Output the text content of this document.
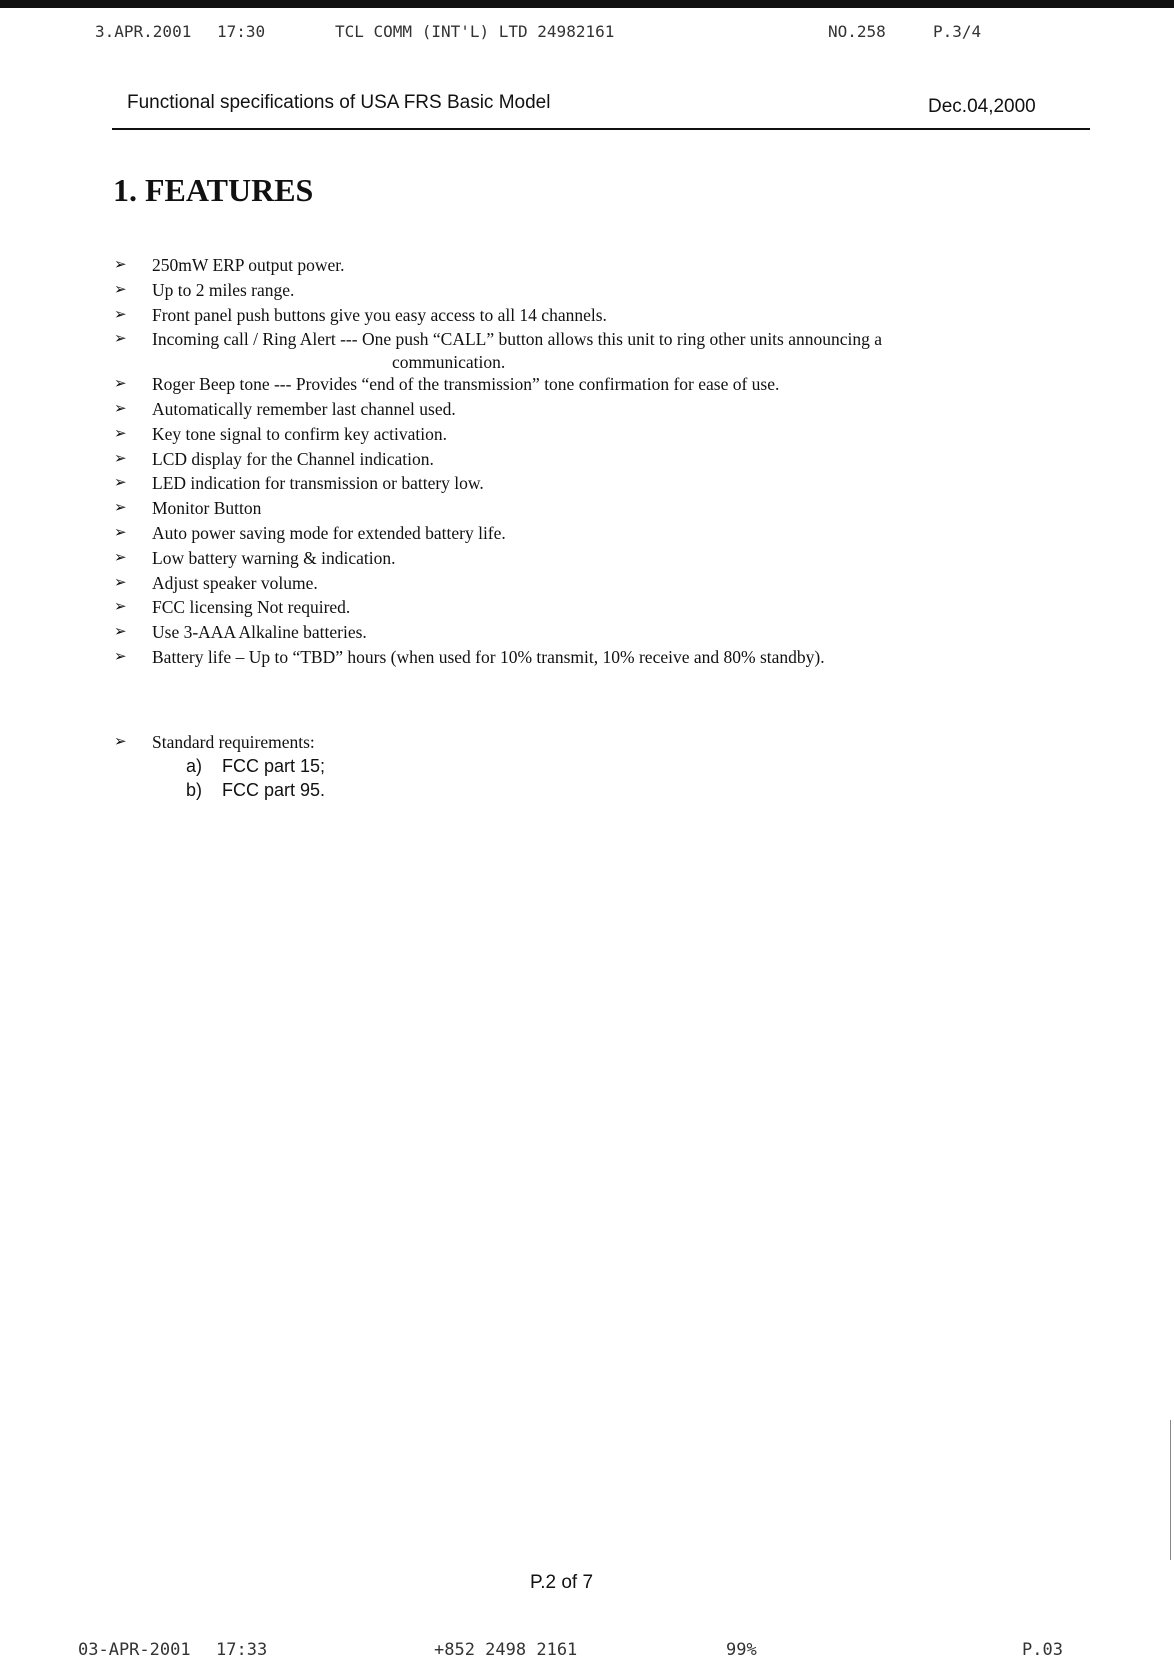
3.APR.2001 17:30	TCL COMM (INT'L) LTD 24982161	NO.258	P.3/4
Functional specifications of USA FRS Basic Model	Dec.04,2000
1. FEATURES
➢ 250mW ERP output power.
➢ Up to 2 miles range.
➢ Front panel push buttons give you easy access to all 14 channels.
➢ Incoming call / Ring Alert --- One push “CALL” button allows this unit to ring other units announcing a
communication.
➢ Roger Beep tone --- Provides “end of the transmission” tone confirmation for ease of use.
➢ Automatically remember last channel used.
➢ Key tone signal to confirm key activation.
➢ LCD display for the Channel indication.
➢ LED indication for transmission or battery low.
➢ Monitor Button
➢ Auto power saving mode for extended battery life.
➢ Low battery warning & indication.
➢ Adjust speaker volume.
➢ FCC licensing Not required.
➢ Use 3-AAA Alkaline batteries.
➢ Battery life – Up to “TBD” hours (when used for 10% transmit, 10% receive and 80% standby).
➢ Standard requirements:
a) FCC part 15;
b) FCC part 95.
P.2 of 7
03-APR-2001 17:33	+852 2498 2161	99%	P.03
